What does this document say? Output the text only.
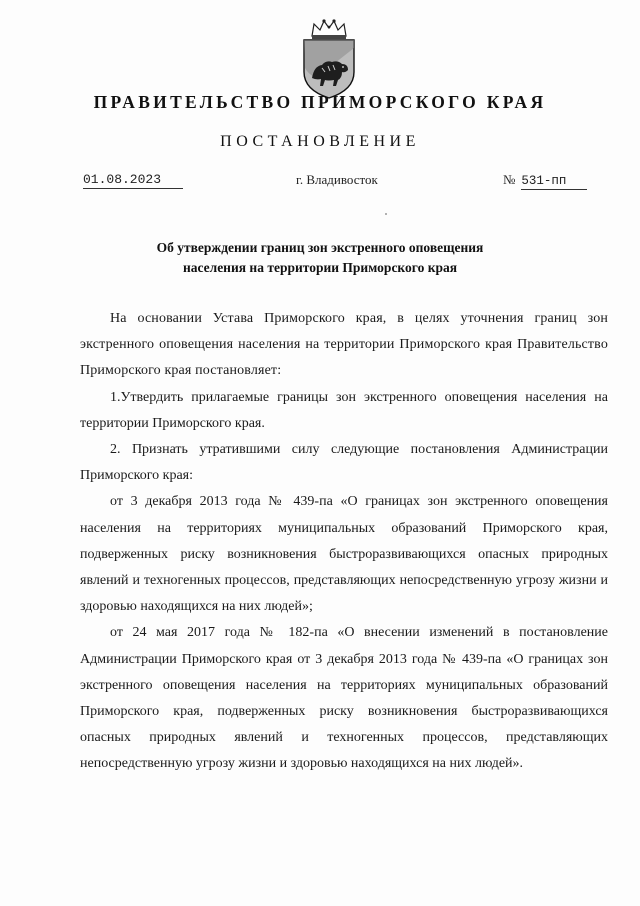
ПРАВИТЕЛЬСТВО ПРИМОРСКОГО КРАЯ
ПОСТАНОВЛЕНИЕ
01.08.2023	г. Владивосток	№ 531-пп
Об утверждении границ зон экстренного оповещения
населения на территории Приморского края

На основании Устава Приморского края, в целях уточнения границ зон экстренного оповещения населения на территории Приморского края Правительство Приморского края постановляет:

1.Утвердить прилагаемые границы зон экстренного оповещения населения на территории Приморского края.

2. Признать утратившими силу следующие постановления Администрации Приморского края:

от 3 декабря 2013 года № 439-па «О границах зон экстренного оповещения населения на территориях муниципальных образований Приморского края, подверженных риску возникновения быстроразвивающихся опасных природных явлений и техногенных процессов, представляющих непосредственную угрозу жизни и здоровью находящихся на них людей»;

от 24 мая 2017 года № 182-па «О внесении изменений в постановление Администрации Приморского края от 3 декабря 2013 года № 439-па «О границах зон экстренного оповещения населения на территориях муниципальных образований Приморского края, подверженных риску возникновения быстроразвивающихся опасных природных явлений и техногенных процессов, представляющих непосредственную угрозу жизни и здоровью находящихся на них людей».
